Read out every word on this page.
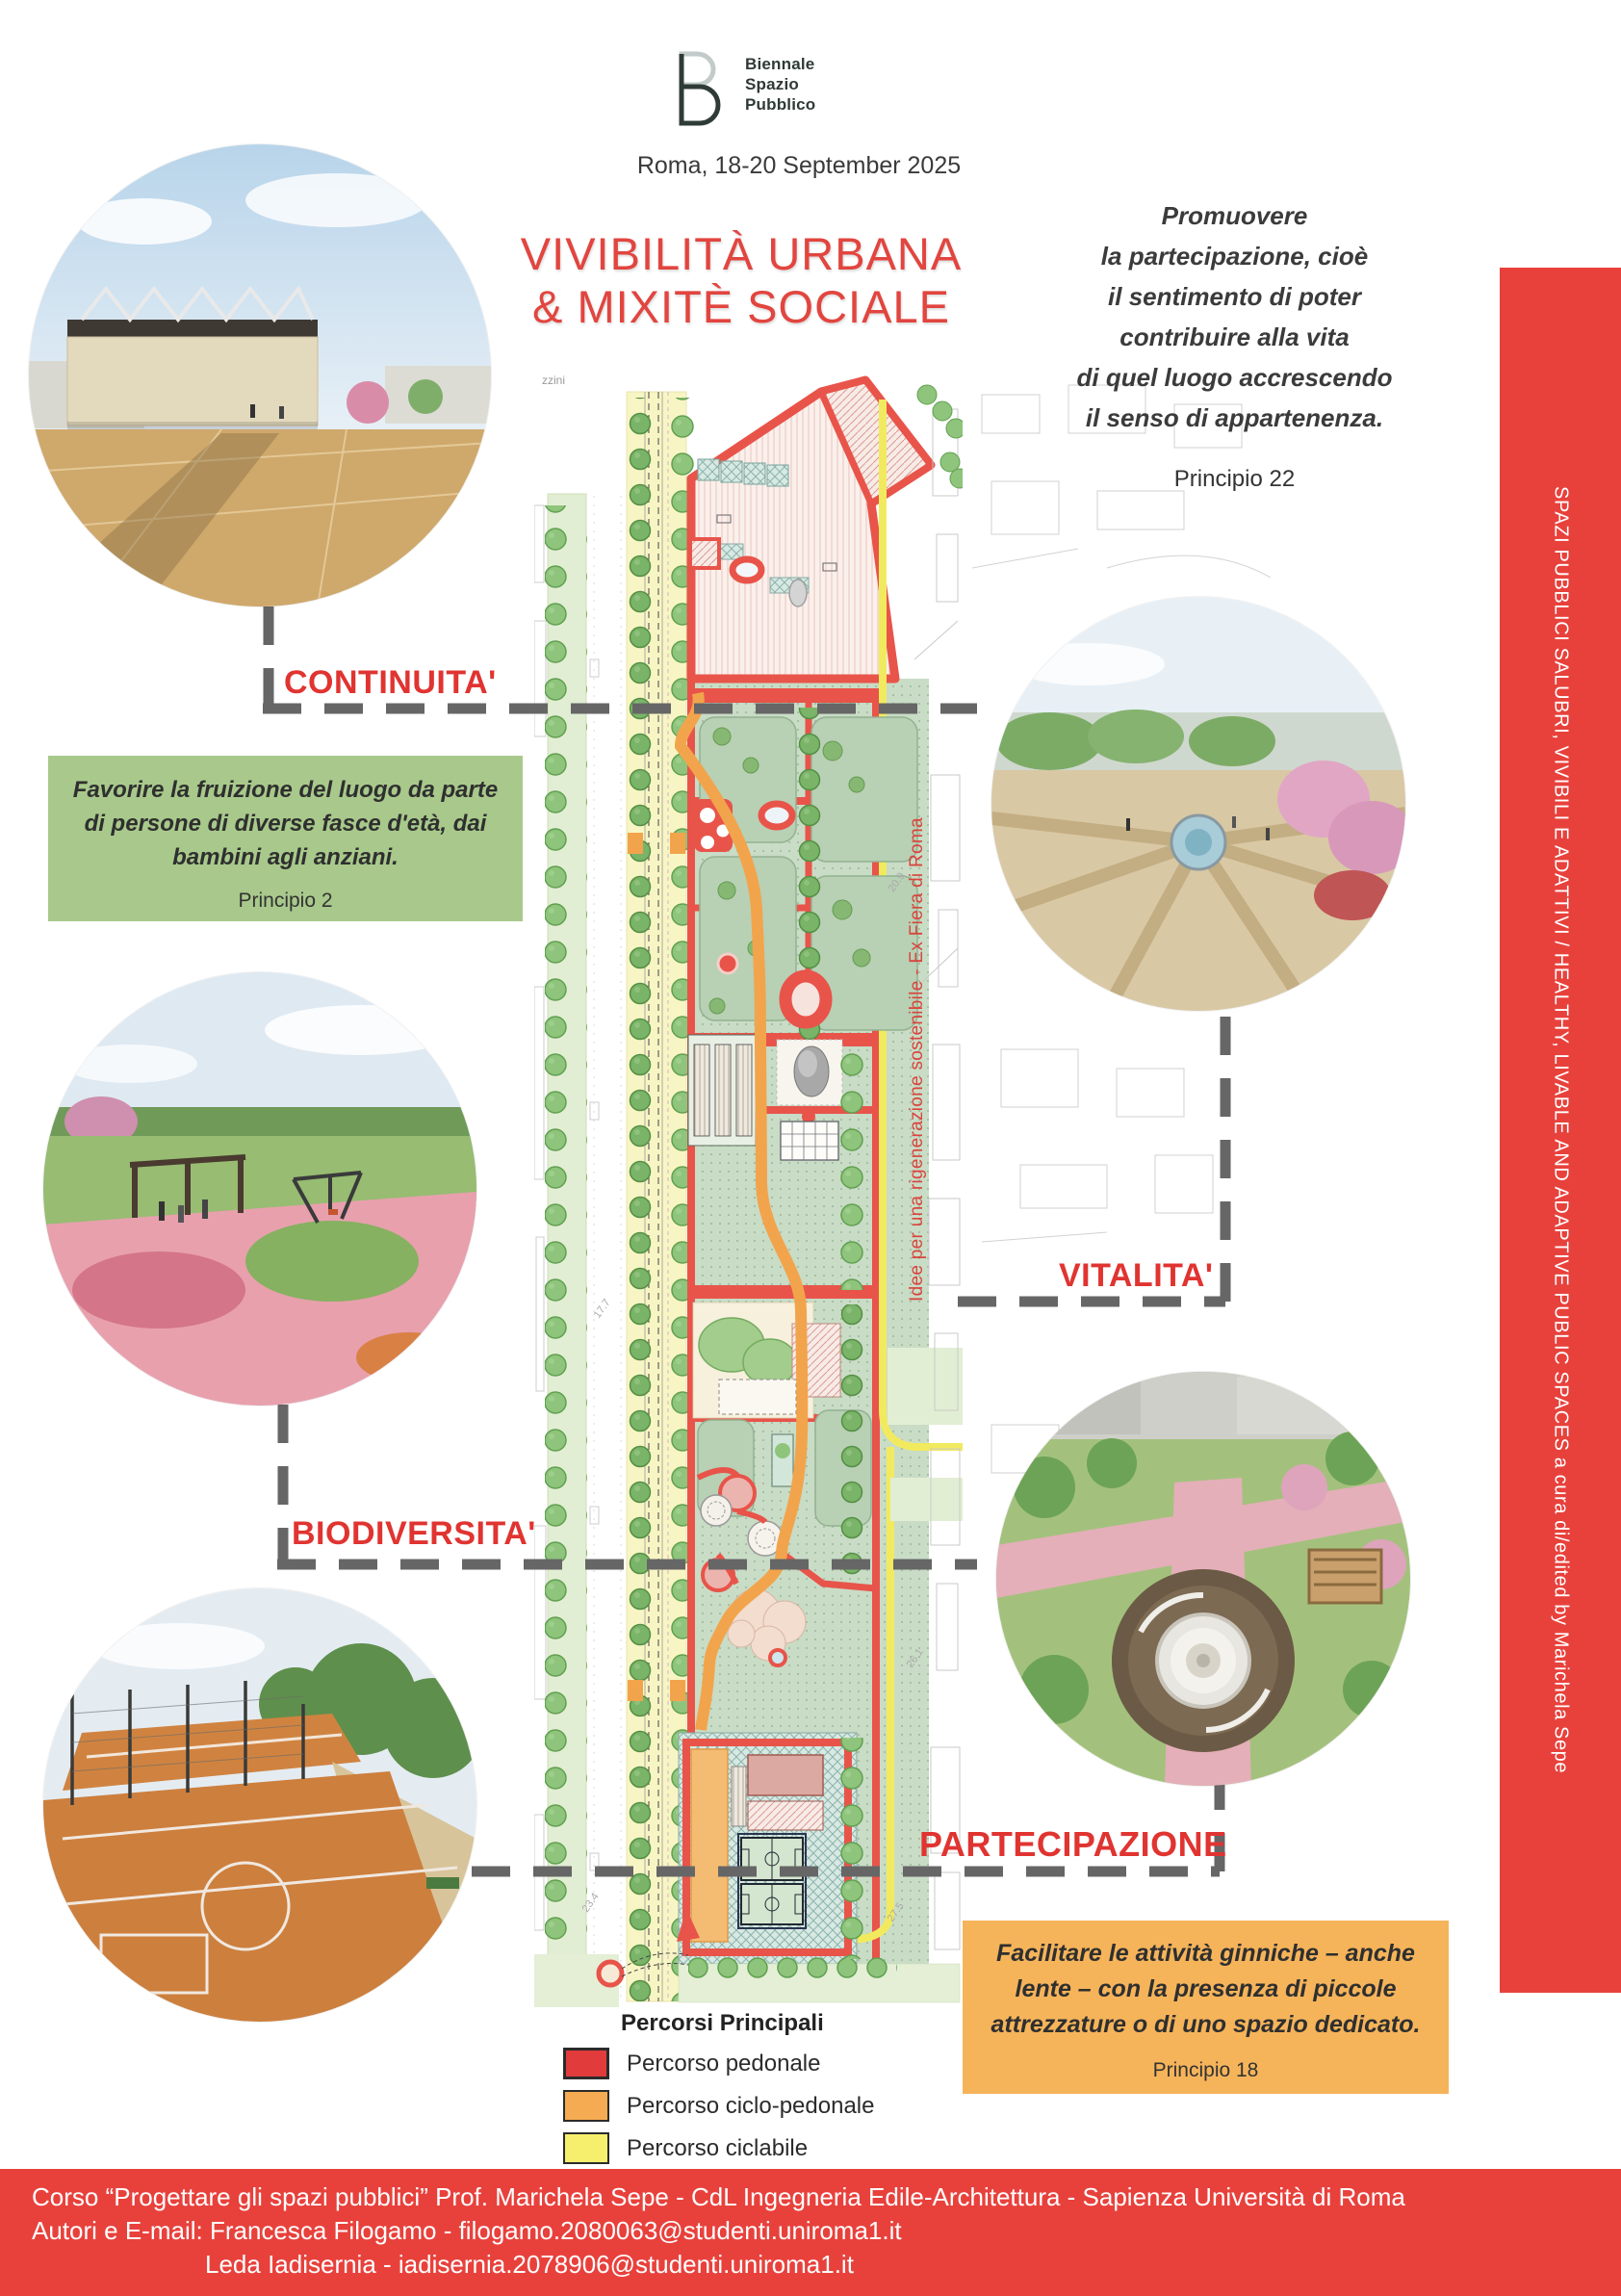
zzini
20.9
17.7
26.1
23.4	27.5
Idee per una rigenerazione sostenibile - Ex Fiera di Roma
Biennale
Spazio
Pubblico
Roma, 18-20 September 2025
VIVIBILITÀ URBANA
& MIXITÈ SOCIALE
Promuovere
la partecipazione, cioè
il sentimento di poter
contribuire alla vita
di quel luogo accrescendo
il senso di appartenenza.
Principio 22
CONTINUITA'
VITALITA'
BIODIVERSITA'
PARTECIPAZIONE
Favorire la fruizione del luogo da parte di persone di diverse fasce d'età, dai bambini agli anziani.
Principio 2
Facilitare le attività ginniche – anche lente – con la presenza di piccole attrezzature o di uno spazio dedicato.
Principio 18
Percorsi Principali
Percorso pedonale
Percorso ciclo-pedonale
Percorso ciclabile
SPAZI PUBBLICI SALUBRI, VIVIBILI E ADATTIVI / HEALTHY, LIVABLE AND ADAPTIVE PUBLIC SPACES a cura di/edited by Marichela Sepe
Corso “Progettare gli spazi pubblici” Prof. Marichela Sepe - CdL Ingegneria Edile-Architettura - Sapienza Università di Roma
Autori e E-mail: Francesca Filogamo - filogamo.2080063@studenti.uniroma1.it
Leda Iadisernia - iadisernia.2078906@studenti.uniroma1.it
